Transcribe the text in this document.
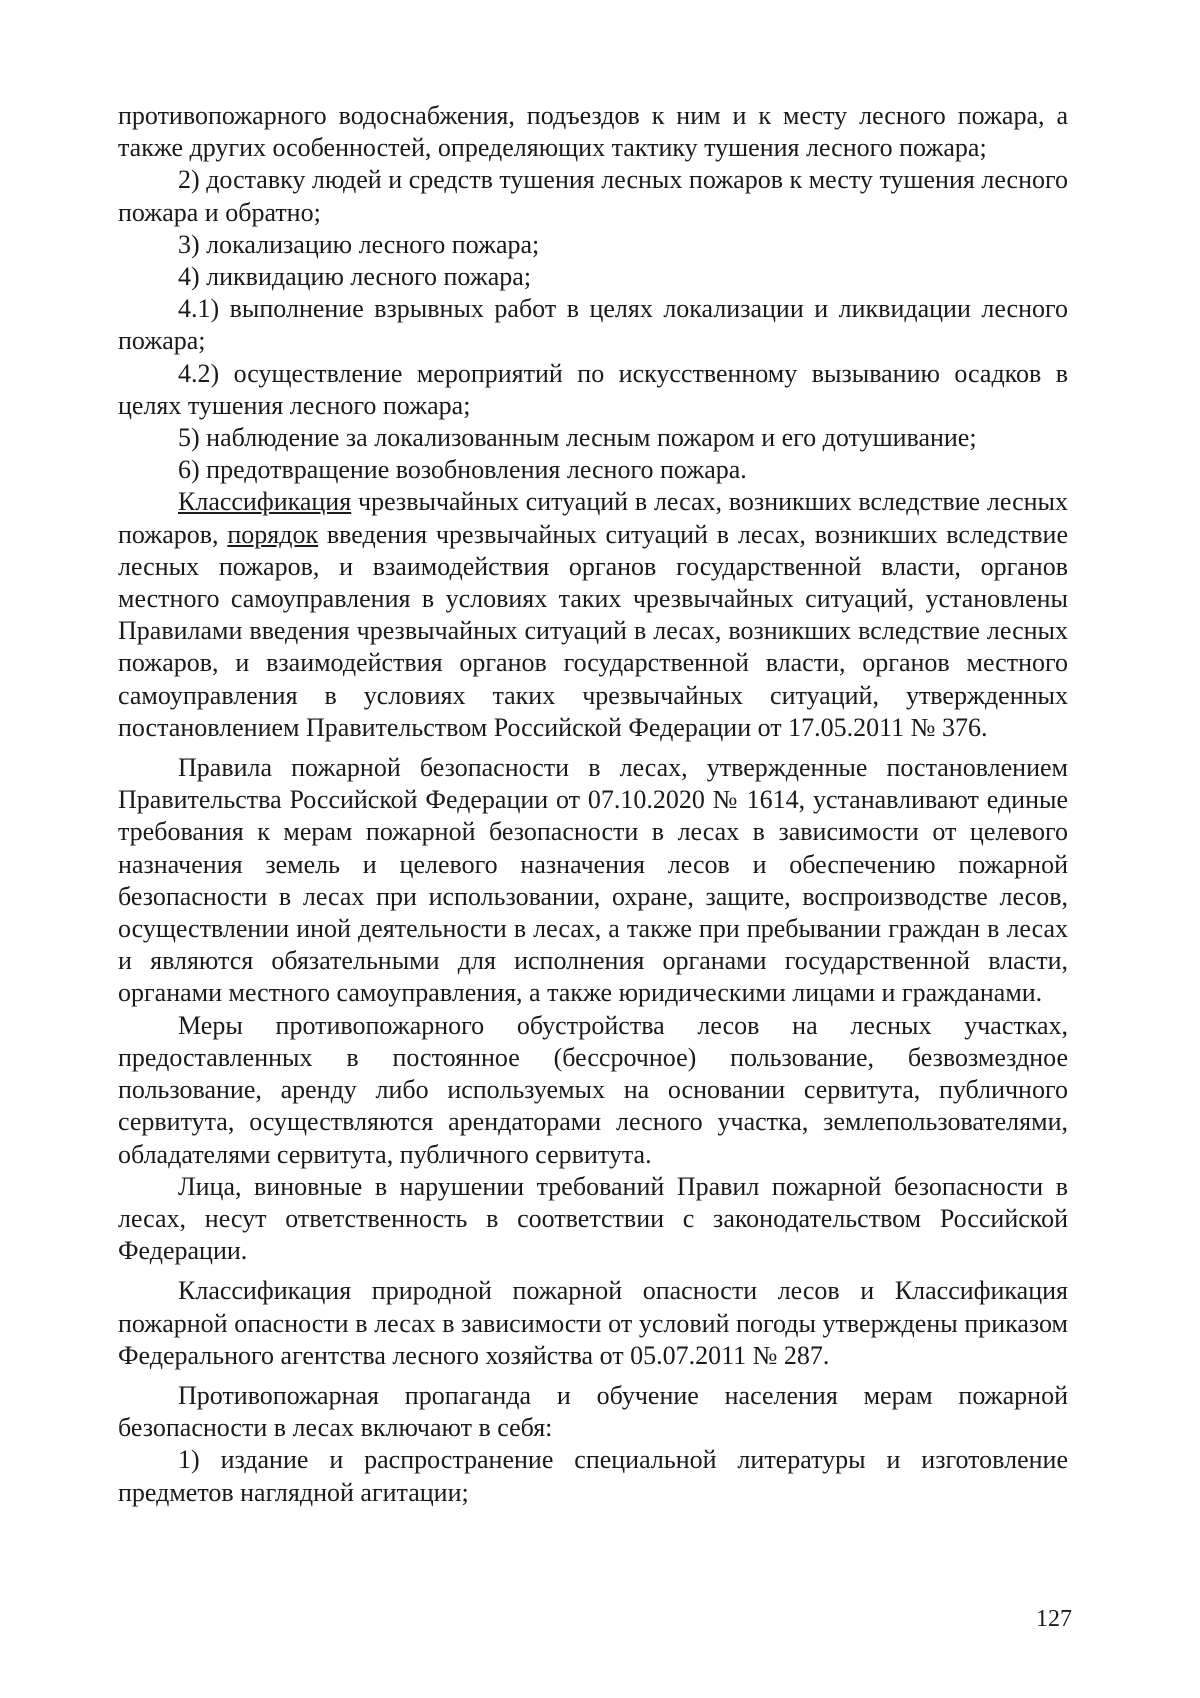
противопожарного водоснабжения, подъездов к ним и к месту лесного пожара, а также других особенностей, определяющих тактику тушения лесного пожара;

2) доставку людей и средств тушения лесных пожаров к месту тушения лесного пожара и обратно;

3) локализацию лесного пожара;

4) ликвидацию лесного пожара;

4.1) выполнение взрывных работ в целях локализации и ликвидации лесного пожара;

4.2) осуществление мероприятий по искусственному вызыванию осадков в целях тушения лесного пожара;

5) наблюдение за локализованным лесным пожаром и его дотушивание;

6) предотвращение возобновления лесного пожара.

Классификация чрезвычайных ситуаций в лесах, возникших вследствие лесных пожаров, порядок введения чрезвычайных ситуаций в лесах, возникших вследствие лесных пожаров, и взаимодействия органов государственной власти, органов местного самоуправления в условиях таких чрезвычайных ситуаций, установлены Правилами введения чрезвычайных ситуаций в лесах, возникших вследствие лесных пожаров, и взаимодействия органов государственной власти, органов местного самоуправления в условиях таких чрезвычайных ситуаций, утвержденных постановлением Правительством Российской Федерации от 17.05.2011 № 376.

Правила пожарной безопасности в лесах, утвержденные постановлением Правительства Российской Федерации от 07.10.2020 № 1614, устанавливают единые требования к мерам пожарной безопасности в лесах в зависимости от целевого назначения земель и целевого назначения лесов и обеспечению пожарной безопасности в лесах при использовании, охране, защите, воспроизводстве лесов, осуществлении иной деятельности в лесах, а также при пребывании граждан в лесах и являются обязательными для исполнения органами государственной власти, органами местного самоуправления, а также юридическими лицами и гражданами.

Меры противопожарного обустройства лесов на лесных участках, предоставленных в постоянное (бессрочное) пользование, безвозмездное пользование, аренду либо используемых на основании сервитута, публичного сервитута, осуществляются арендаторами лесного участка, землепользователями, обладателями сервитута, публичного сервитута.

Лица, виновные в нарушении требований Правил пожарной безопасности в лесах, несут ответственность в соответствии с законодательством Российской Федерации.

Классификация природной пожарной опасности лесов и Классификация пожарной опасности в лесах в зависимости от условий погоды утверждены приказом Федерального агентства лесного хозяйства от 05.07.2011 № 287.

Противопожарная пропаганда и обучение населения мерам пожарной безопасности в лесах включают в себя:

1) издание и распространение специальной литературы и изготовление предметов наглядной агитации;

127
